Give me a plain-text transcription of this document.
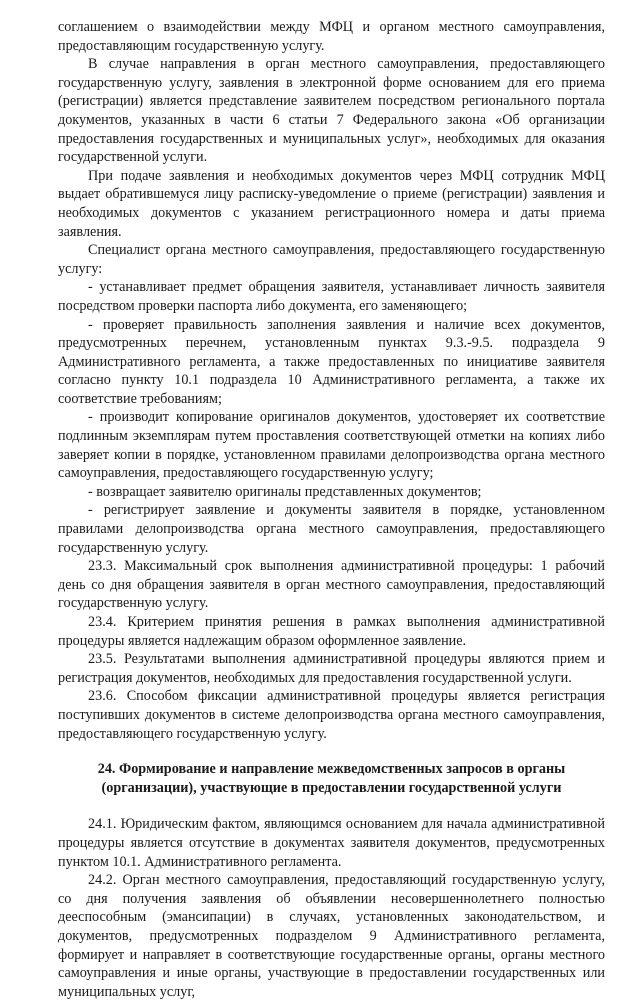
соглашением о взаимодействии между МФЦ и органом местного самоуправления, предоставляющим государственную услугу.

В случае направления в орган местного самоуправления, предоставляющего государственную услугу, заявления в электронной форме основанием для его приема (регистрации) является представление заявителем посредством регионального портала документов, указанных в части 6 статьи 7 Федерального закона «Об организации предоставления государственных и муниципальных услуг», необходимых для оказания государственной услуги.

При подаче заявления и необходимых документов через МФЦ сотрудник МФЦ выдает обратившемуся лицу расписку-уведомление о приеме (регистрации) заявления и необходимых документов с указанием регистрационного номера и даты приема заявления.

Специалист органа местного самоуправления, предоставляющего государственную услугу:

- устанавливает предмет обращения заявителя, устанавливает личность заявителя посредством проверки паспорта либо документа, его заменяющего;

- проверяет правильность заполнения заявления и наличие всех документов, предусмотренных перечнем, установленным пунктах 9.3.-9.5. подраздела 9 Административного регламента, а также предоставленных по инициативе заявителя согласно пункту 10.1 подраздела 10 Административного регламента, а также их соответствие требованиям;

- производит копирование оригиналов документов, удостоверяет их соответствие подлинным экземплярам путем проставления соответствующей отметки на копиях либо заверяет копии в порядке, установленном правилами делопроизводства органа местного самоуправления, предоставляющего государственную услугу;

- возвращает заявителю оригиналы представленных документов;

- регистрирует заявление и документы заявителя в порядке, установленном правилами делопроизводства органа местного самоуправления, предоставляющего государственную услугу.

23.3. Максимальный срок выполнения административной процедуры: 1 рабочий день со дня обращения заявителя в орган местного самоуправления, предоставляющий государственную услугу.

23.4. Критерием принятия решения в рамках выполнения административной процедуры является надлежащим образом оформленное заявление.

23.5. Результатами выполнения административной процедуры являются прием и регистрация документов, необходимых для предоставления государственной услуги.

23.6. Способом фиксации административной процедуры является регистрация поступивших документов в системе делопроизводства органа местного самоуправления, предоставляющего государственную услугу.

24. Формирование и направление межведомственных запросов в органы (организации), участвующие в предоставлении государственной услуги

24.1. Юридическим фактом, являющимся основанием для начала административной процедуры является отсутствие в документах заявителя документов, предусмотренных пунктом 10.1. Административного регламента.

24.2. Орган местного самоуправления, предоставляющий государственную услугу, со дня получения заявления об объявлении несовершеннолетнего полностью дееспособным (эмансипации) в случаях, установленных законодательством, и документов, предусмотренных подразделом 9 Административного регламента, формирует и направляет в соответствующие государственные органы, органы местного самоуправления и иные органы, участвующие в предоставлении государственных или муниципальных услуг,
